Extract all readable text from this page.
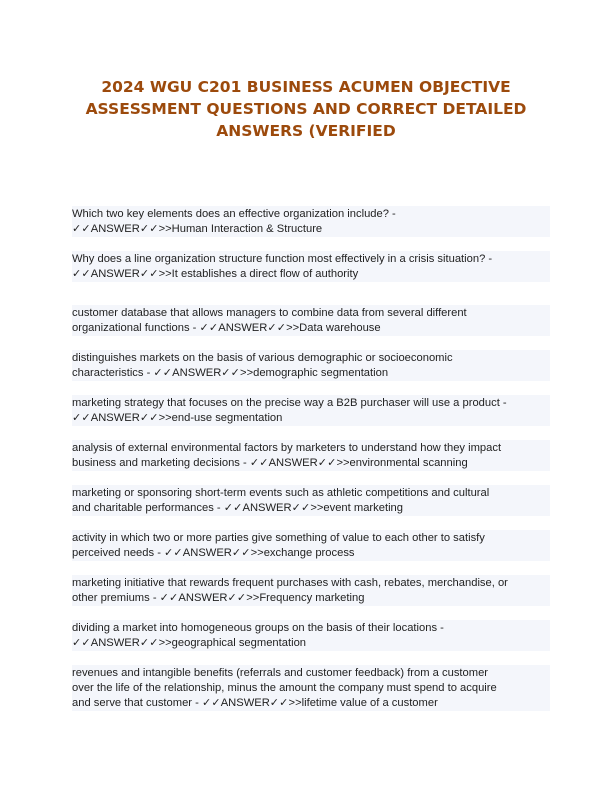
2024 WGU C201 BUSINESS ACUMEN OBJECTIVE
ASSESSMENT QUESTIONS AND CORRECT DETAILED
ANSWERS (VERIFIED

Which two key elements does an effective organization include? -
✓✓ANSWER✓✓>>Human Interaction & Structure

Why does a line organization structure function most effectively in a crisis situation? -
✓✓ANSWER✓✓>>It establishes a direct flow of authority

customer database that allows managers to combine data from several different
organizational functions - ✓✓ANSWER✓✓>>Data warehouse

distinguishes markets on the basis of various demographic or socioeconomic
characteristics - ✓✓ANSWER✓✓>>demographic segmentation

marketing strategy that focuses on the precise way a B2B purchaser will use a product -
✓✓ANSWER✓✓>>end-use segmentation

analysis of external environmental factors by marketers to understand how they impact
business and marketing decisions - ✓✓ANSWER✓✓>>environmental scanning

marketing or sponsoring short-term events such as athletic competitions and cultural
and charitable performances - ✓✓ANSWER✓✓>>event marketing

activity in which two or more parties give something of value to each other to satisfy
perceived needs - ✓✓ANSWER✓✓>>exchange process

marketing initiative that rewards frequent purchases with cash, rebates, merchandise, or
other premiums - ✓✓ANSWER✓✓>>Frequency marketing

dividing a market into homogeneous groups on the basis of their locations -
✓✓ANSWER✓✓>>geographical segmentation

revenues and intangible benefits (referrals and customer feedback) from a customer
over the life of the relationship, minus the amount the company must spend to acquire
and serve that customer - ✓✓ANSWER✓✓>>lifetime value of a customer
